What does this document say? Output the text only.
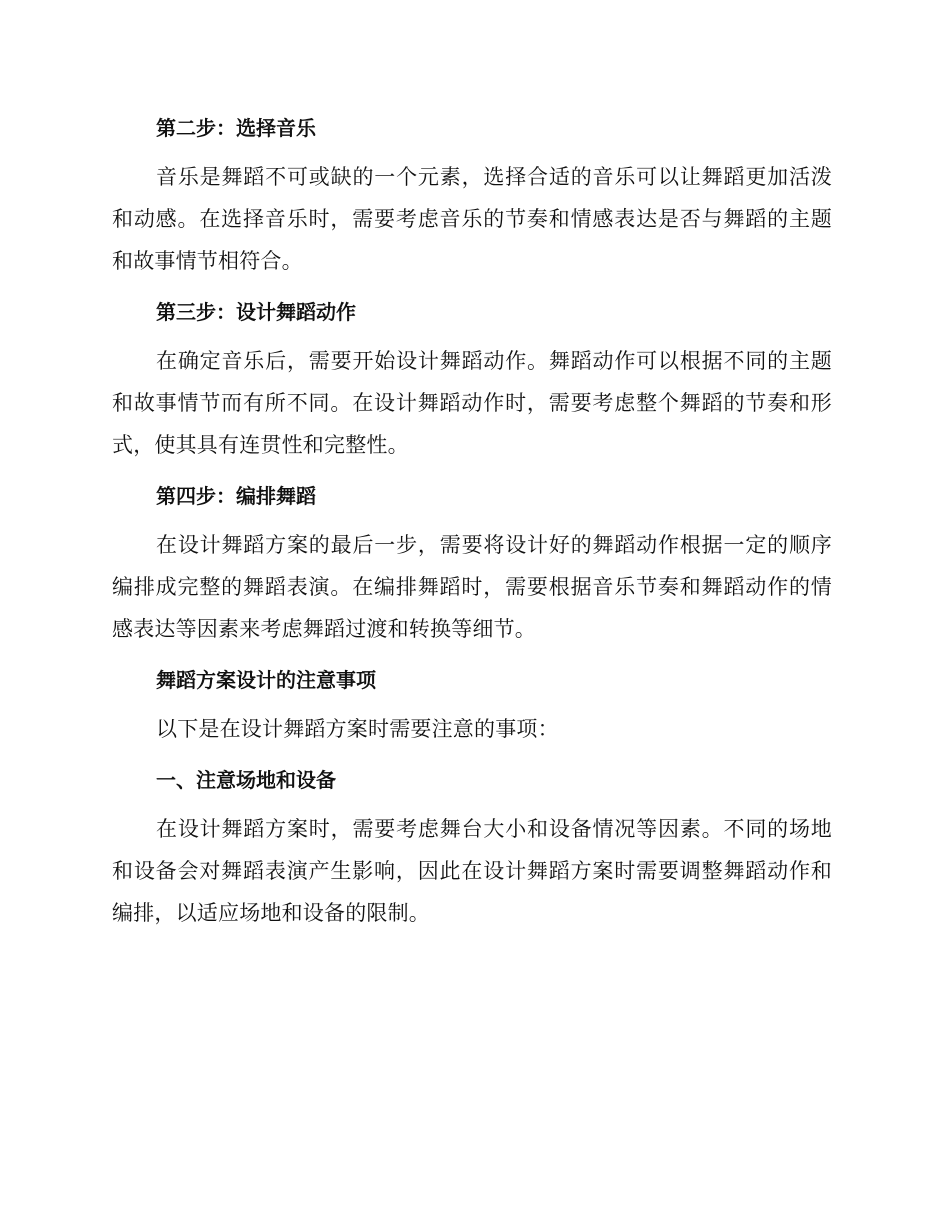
第二步：选择音乐

音乐是舞蹈不可或缺的一个元素，选择合适的音乐可以让舞蹈更加活泼和动感。在选择音乐时，需要考虑音乐的节奏和情感表达是否与舞蹈的主题和故事情节相符合。

第三步：设计舞蹈动作

在确定音乐后，需要开始设计舞蹈动作。舞蹈动作可以根据不同的主题和故事情节而有所不同。在设计舞蹈动作时，需要考虑整个舞蹈的节奏和形式，使其具有连贯性和完整性。

第四步：编排舞蹈

在设计舞蹈方案的最后一步，需要将设计好的舞蹈动作根据一定的顺序编排成完整的舞蹈表演。在编排舞蹈时，需要根据音乐节奏和舞蹈动作的情感表达等因素来考虑舞蹈过渡和转换等细节。

舞蹈方案设计的注意事项

以下是在设计舞蹈方案时需要注意的事项：

一、注意场地和设备

在设计舞蹈方案时，需要考虑舞台大小和设备情况等因素。不同的场地和设备会对舞蹈表演产生影响，因此在设计舞蹈方案时需要调整舞蹈动作和编排，以适应场地和设备的限制。
